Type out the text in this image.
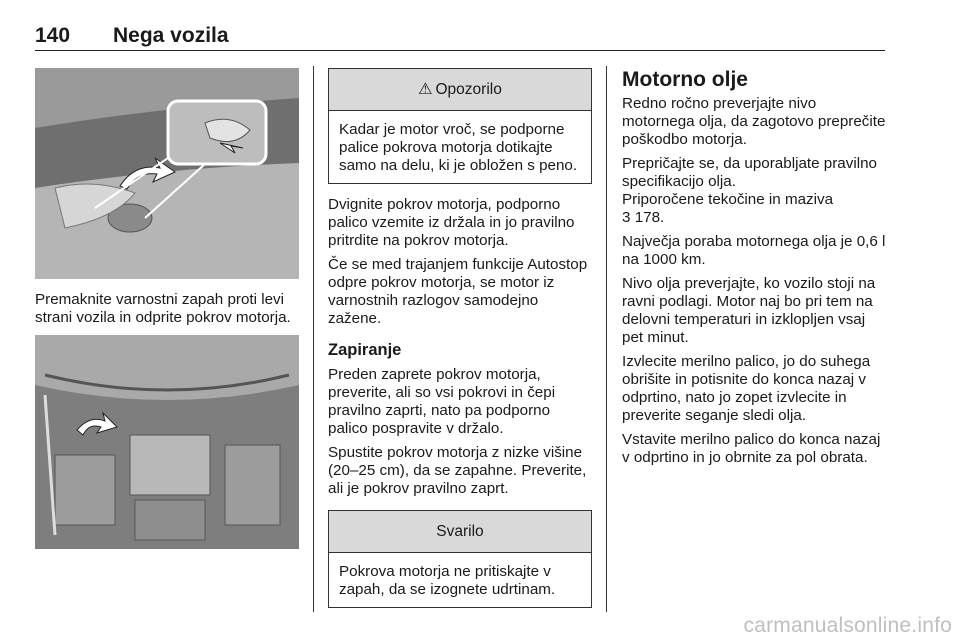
140 Nega vozila

Premaknite varnostni zapah proti levi strani vozila in odprite pokrov motorja.

⚠ Opozorilo
Kadar je motor vroč, se podporne palice pokrova motorja dotikajte samo na delu, ki je obložen s peno.

Dvignite pokrov motorja, podporno palico vzemite iz držala in jo pravilno pritrdite na pokrov motorja.

Če se med trajanjem funkcije Autostop odpre pokrov motorja, se motor iz varnostnih razlogov samodejno zažene.

Zapiranje

Preden zaprete pokrov motorja, preverite, ali so vsi pokrovi in čepi pravilno zaprti, nato pa podporno palico pospravite v držalo.

Spustite pokrov motorja z nizke višine (20–25 cm), da se zapahne. Preverite, ali je pokrov pravilno zaprt.

Svarilo
Pokrova motorja ne pritiskajte v zapah, da se izognete udrtinam.
Motorno olje

Redno ročno preverjajte nivo motornega olja, da zagotovo preprečite poškodbo motorja.

Prepričajte se, da uporabljate pravilno specifikacijo olja.
Priporočene tekočine in maziva
3 178.

Največja poraba motornega olja je 0,6 l na 1000 km.

Nivo olja preverjajte, ko vozilo stoji na ravni podlagi. Motor naj bo pri tem na delovni temperaturi in izklopljen vsaj pet minut.

Izvlecite merilno palico, jo do suhega obrišite in potisnite do konca nazaj v odprtino, nato jo zopet izvlecite in preverite seganje sledi olja.

Vstavite merilno palico do konca nazaj v odprtino in jo obrnite za pol obrata.

carmanualsonline.info
